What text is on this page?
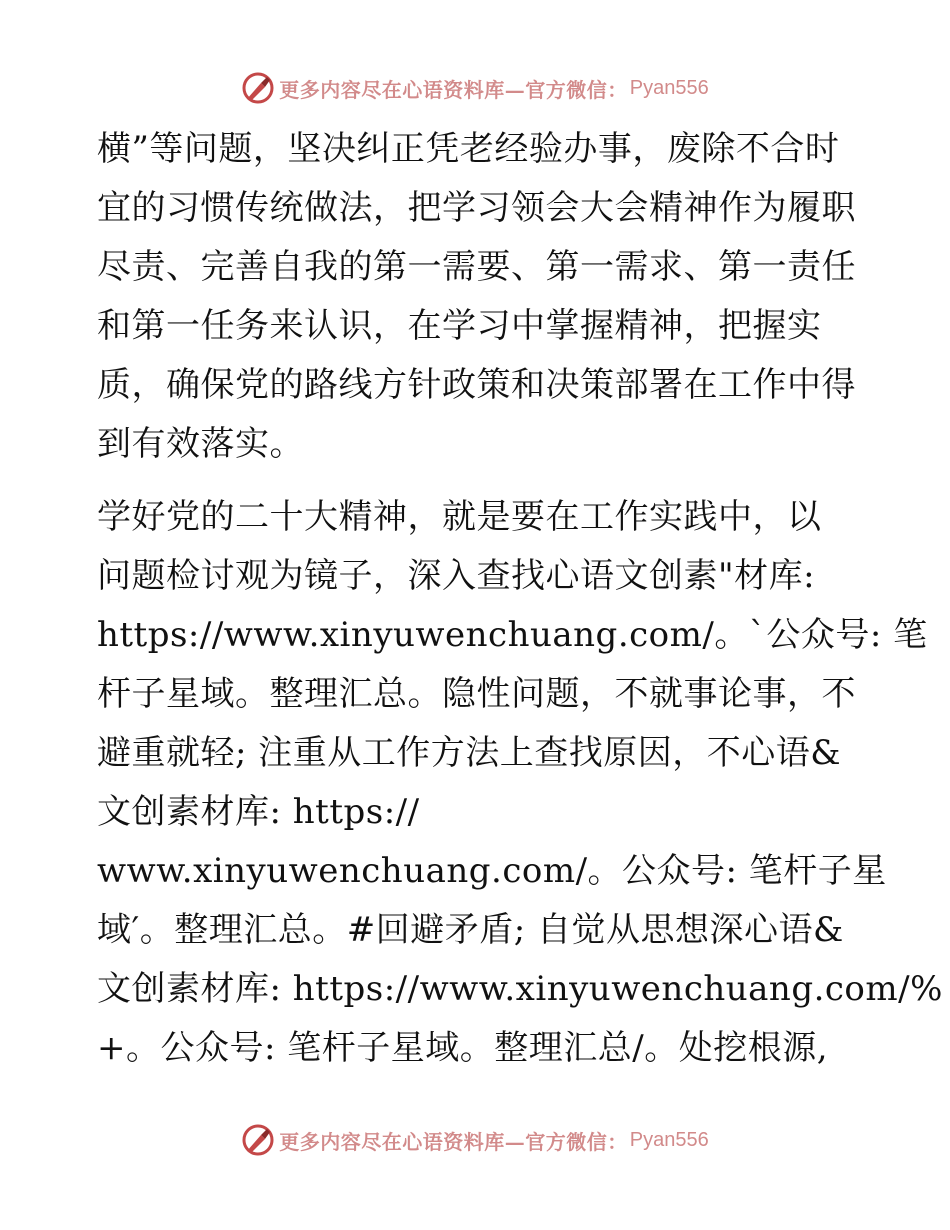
更多内容尽在心语资料库—官方微信： Pyan556
横”等问题，坚决纠正凭老经验办事，废除不合时
宜的习惯传统做法，把学习领会大会精神作为履职
尽责、完善自我的第一需要、第一需求、第一责任
和第一任务来认识，在学习中掌握精神，把握实
质，确保党的路线方针政策和决策部署在工作中得
到有效落实。
学好党的二十大精神，就是要在工作实践中，以
问题检讨观为镜子，深入查找心语文创素"材库:
https://www.xinyuwenchuang.com/。`公众号: 笔
杆子星域。整理汇总。隐性问题，不就事论事，不
避重就轻; 注重从工作方法上查找原因，不心语&
文创素材库: https://
www.xinyuwenchuang.com/。公众号: 笔杆子星
域′。整理汇总。#回避矛盾; 自觉从思想深心语&
文创素材库: https://www.xinyuwenchuang.com/%
+。公众号: 笔杆子星域。整理汇总/。处挖根源,
更多内容尽在心语资料库—官方微信： Pyan556
